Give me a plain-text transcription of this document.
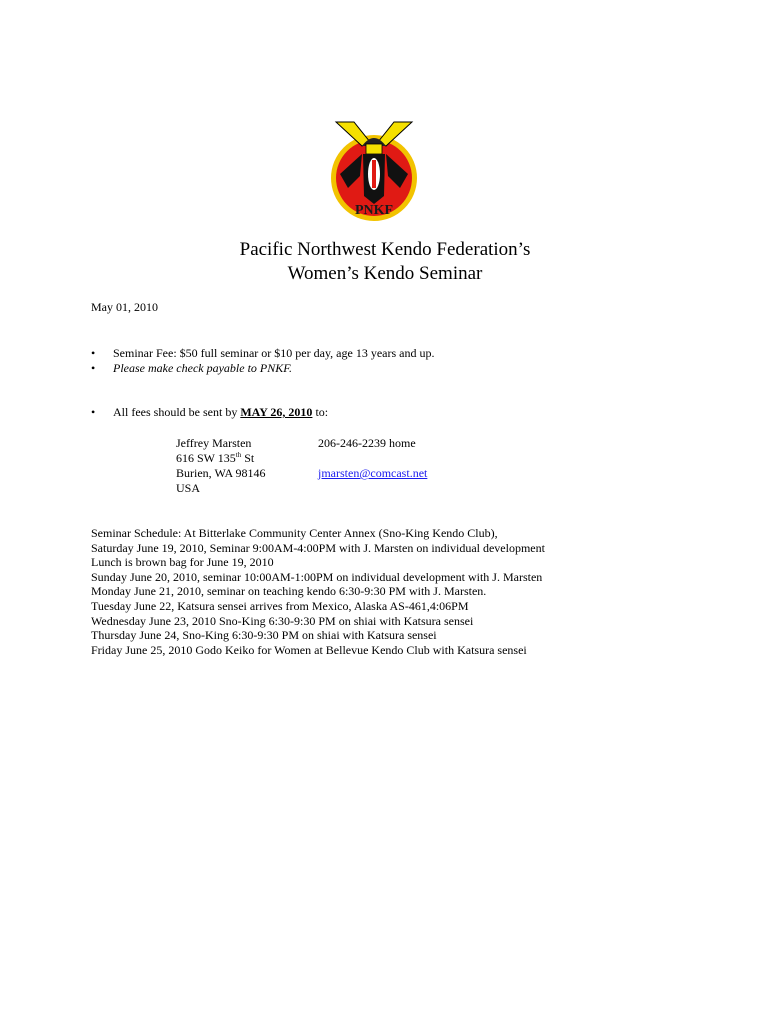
PNKF
Pacific Northwest Kendo Federation’s
Women’s Kendo Seminar
May 01, 2010
• Seminar Fee: $50 full seminar or $10 per day, age 13 years and up.
• Please make check payable to PNKF.
• All fees should be sent by MAY 26, 2010 to:
Jeffrey Marsten
616 SW 135th St
Burien, WA 98146
USA
206-246-2239 home
jmarsten@comcast.net
Seminar Schedule: At Bitterlake Community Center Annex (Sno-King Kendo Club),
Saturday June 19, 2010, Seminar 9:00AM-4:00PM with J. Marsten on individual development
Lunch is brown bag for June 19, 2010
Sunday June 20, 2010, seminar 10:00AM-1:00PM on individual development with J. Marsten
Monday June 21, 2010, seminar on teaching kendo 6:30-9:30 PM with J. Marsten.
Tuesday June 22, Katsura sensei arrives from Mexico, Alaska AS-461,4:06PM
Wednesday June 23, 2010 Sno-King 6:30-9:30 PM on shiai with Katsura sensei
Thursday June 24, Sno-King 6:30-9:30 PM on shiai with Katsura sensei
Friday June 25, 2010 Godo Keiko for Women at Bellevue Kendo Club with Katsura sensei
